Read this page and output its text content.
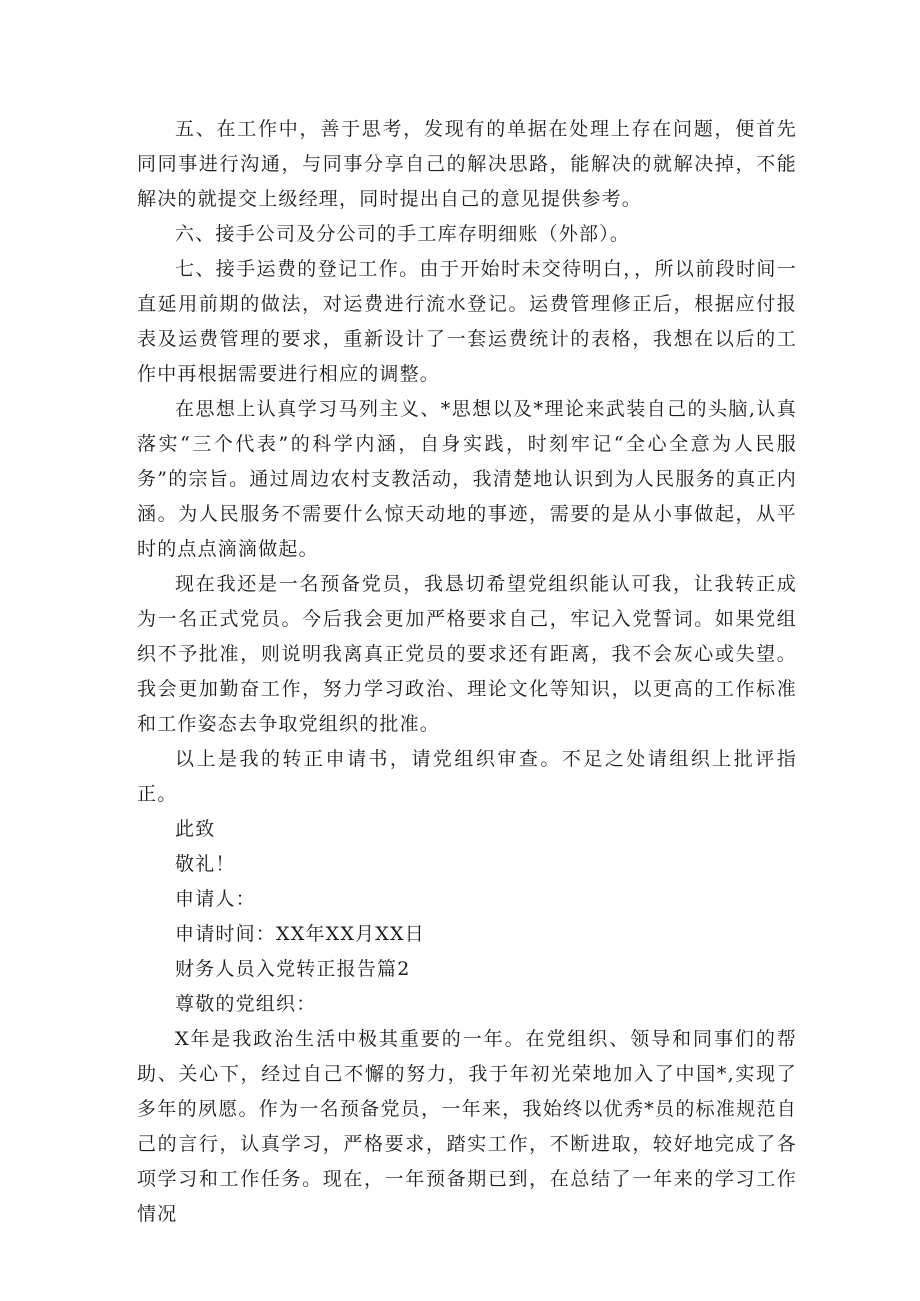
五、在工作中，善于思考，发现有的单据在处理上存在问题，便首先同同事进行沟通，与同事分享自己的解决思路，能解决的就解决掉，不能解决的就提交上级经理，同时提出自己的意见提供参考。

六、接手公司及分公司的手工库存明细账（外部）。

七、接手运费的登记工作。由于开始时未交待明白，，所以前段时间一直延用前期的做法，对运费进行流水登记。运费管理修正后，根据应付报表及运费管理的要求，重新设计了一套运费统计的表格，我想在以后的工作中再根据需要进行相应的调整。

在思想上认真学习马列主义、*思想以及*理论来武装自己的头脑,认真落实“三个代表”的科学内涵，自身实践，时刻牢记“全心全意为人民服务”的宗旨。通过周边农村支教活动，我清楚地认识到为人民服务的真正内涵。为人民服务不需要什么惊天动地的事迹，需要的是从小事做起，从平时的点点滴滴做起。

现在我还是一名预备党员，我恳切希望党组织能认可我，让我转正成为一名正式党员。今后我会更加严格要求自己，牢记入党誓词。如果党组织不予批准，则说明我离真正党员的要求还有距离，我不会灰心或失望。我会更加勤奋工作，努力学习政治、理论文化等知识，以更高的工作标准和工作姿态去争取党组织的批准。

以上是我的转正申请书，请党组织审查。不足之处请组织上批评指正。

此致

敬礼！

申请人：

申请时间：XX年XX月XX日

财务人员入党转正报告篇2

尊敬的党组织：

X年是我政治生活中极其重要的一年。在党组织、领导和同事们的帮助、关心下，经过自己不懈的努力，我于年初光荣地加入了中国*,实现了多年的夙愿。作为一名预备党员，一年来，我始终以优秀*员的标准规范自己的言行，认真学习，严格要求，踏实工作，不断进取，较好地完成了各项学习和工作任务。现在，一年预备期已到，在总结了一年来的学习工作情况
